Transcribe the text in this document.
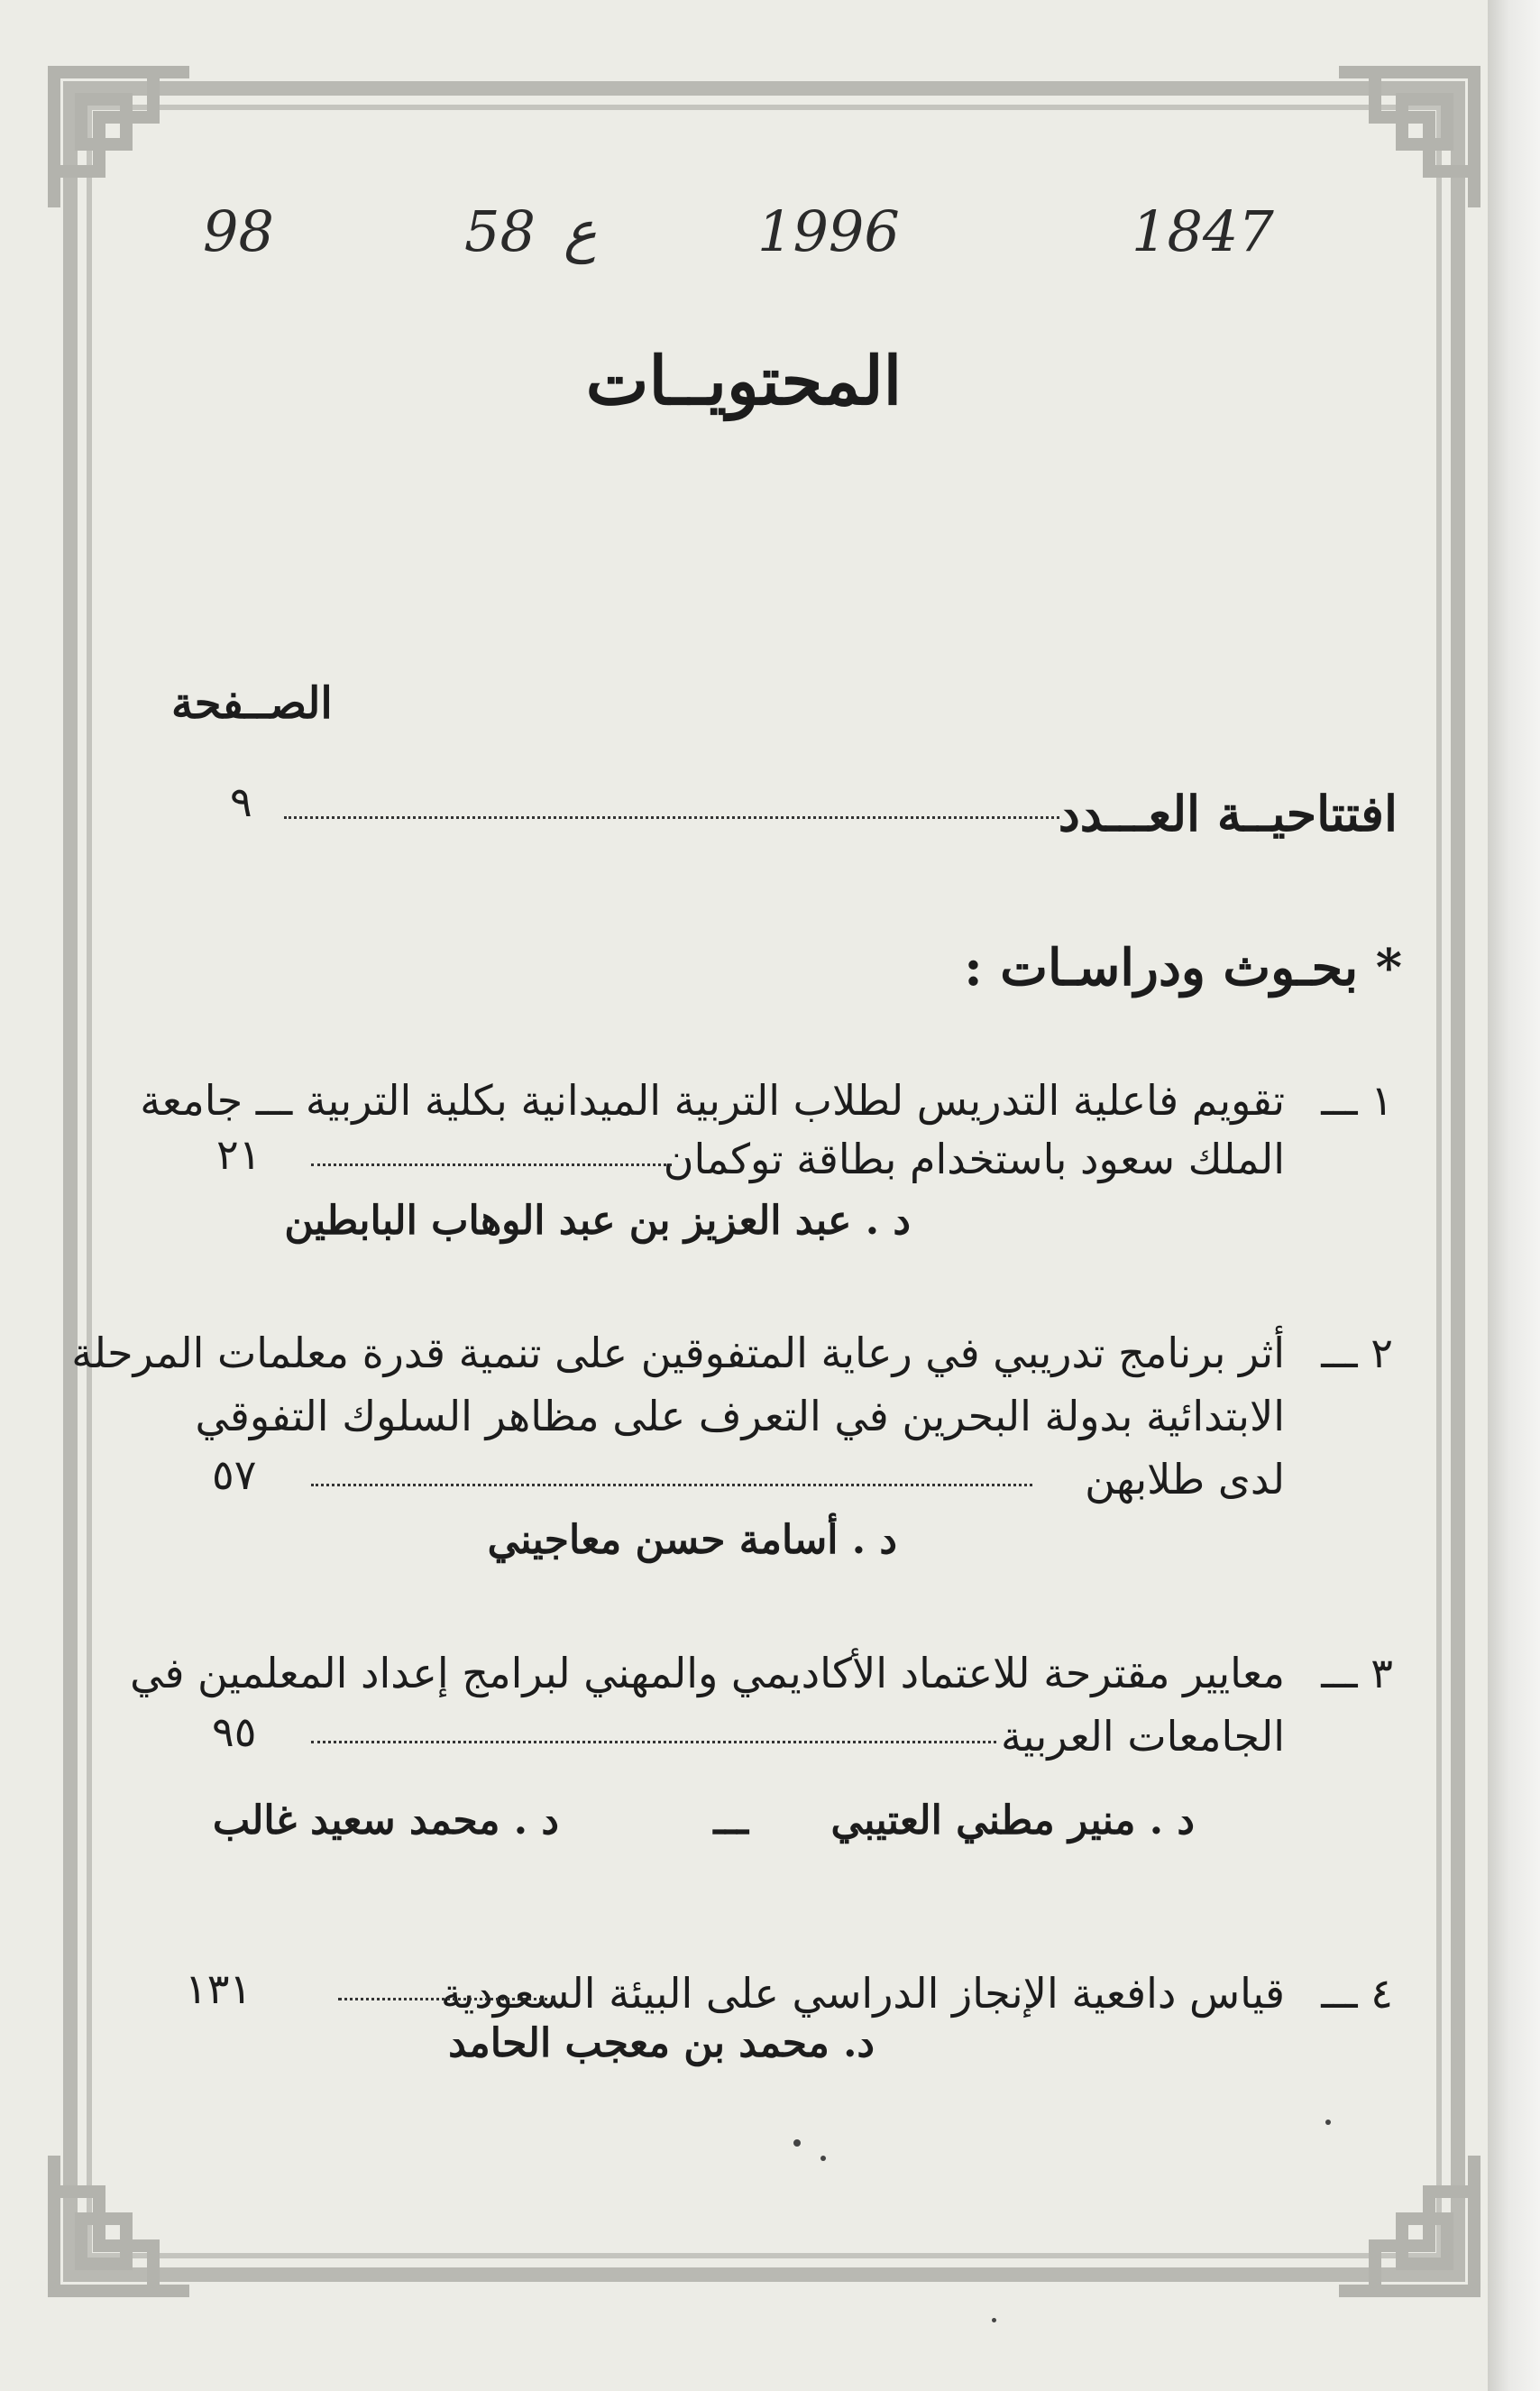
1847
1996
ع
58
98
المحتويــات
الصــفحة
افتتاحيــة العـــدد
٩
* بحـوث ودراسـات :
١ ـــ
تقويم فاعلية التدريس لطلاب التربية الميدانية بكلية التربية ـــ جامعة
الملك سعود باستخدام بطاقة توكمان
٢١
د . عبد العزيز بن عبد الوهاب البابطين
٢ ـــ
أثر برنامج تدريبي في رعاية المتفوقين على تنمية قدرة معلمات المرحلة
الابتدائية بدولة البحرين في التعرف على مظاهر السلوك التفوقي
لدى طلابهن
٥٧
د . أسامة حسن معاجيني
٣ ـــ
معايير مقترحة للاعتماد الأكاديمي والمهني لبرامج إعداد المعلمين في
الجامعات العربية
٩٥
د . منير مطني العتيبي
ـــ
د . محمد سعيد غالب
٤ ـــ
قياس دافعية الإنجاز الدراسي على البيئة السعودية
١٣١
د. محمد بن معجب الحامد
